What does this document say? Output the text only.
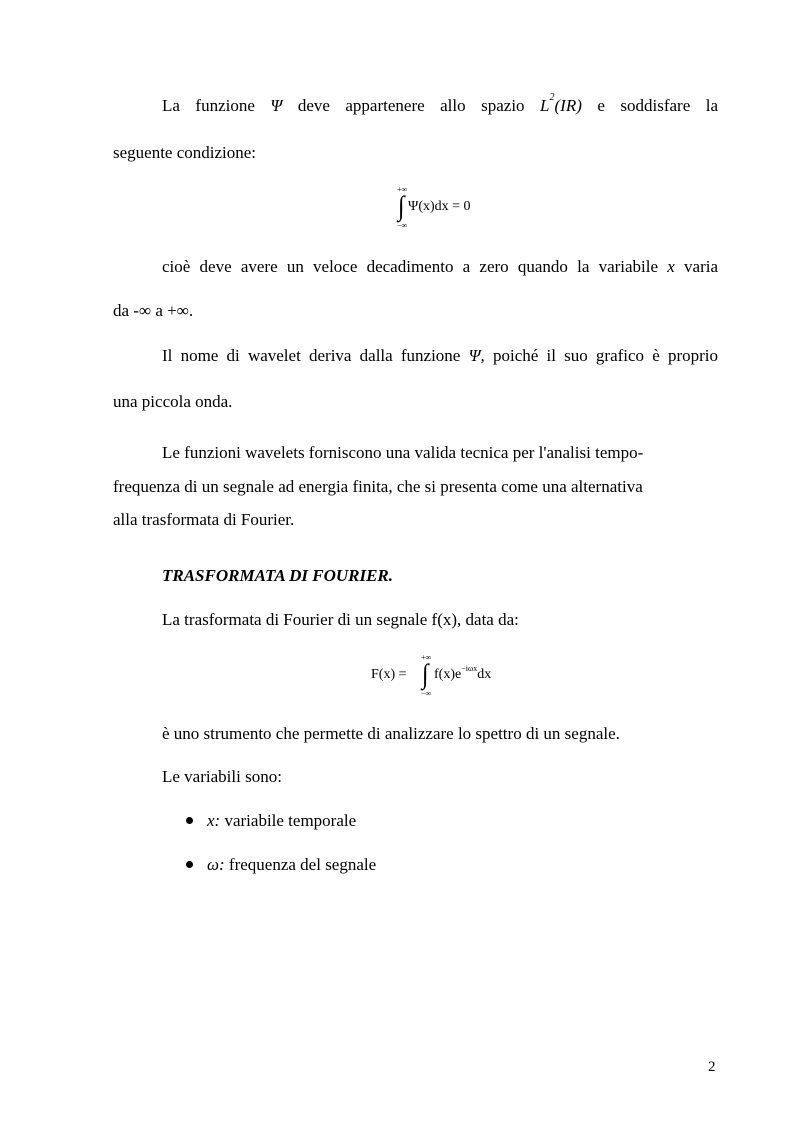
La funzione Ψ deve appartenere allo spazio $L^2(IR)$ e soddisfare la
seguente condizione:
+∞
∫
−∞
Ψ(x)dx = 0
cioè deve avere un veloce decadimento a zero quando la variabile x varia
da -∞ a +∞.
Il nome di wavelet deriva dalla funzione Ψ, poiché il suo grafico è proprio
una piccola onda.
Le funzioni wavelets forniscono una valida tecnica per l'analisi tempo-
frequenza di un segnale ad energia finita, che si presenta come una alternativa
alla trasformata di Fourier.
TRASFORMATA DI FOURIER.
La trasformata di Fourier di un segnale f(x), data da:
F(x) =
+∞
∫
−∞
$f(x)e^{-i\omega x}dx$
è uno strumento che permette di analizzare lo spettro di un segnale.
Le variabili sono:
x: variabile temporale
ω: frequenza del segnale
2
